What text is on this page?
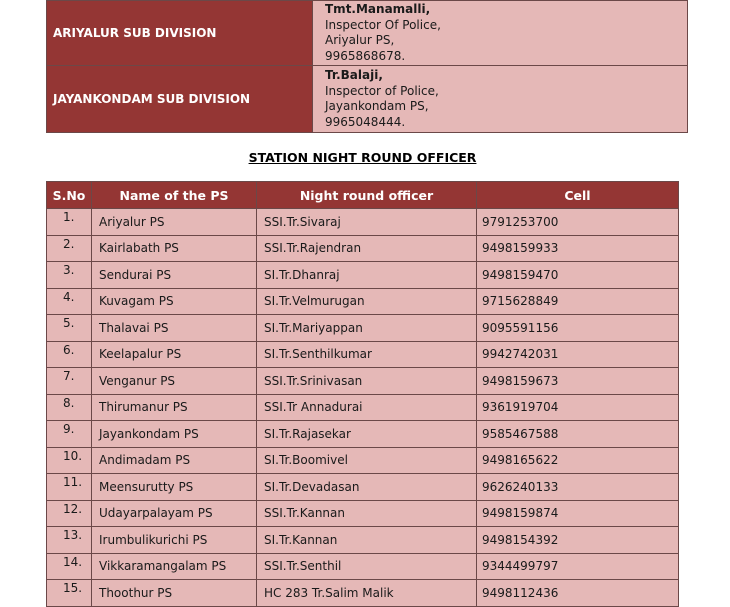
ARIYALUR SUB DIVISION	Tmt.Manamalli,
Inspector Of Police,
Ariyalur PS,
9965868678.

JAYANKONDAM SUB DIVISION	Tr.Balaji,
Inspector of Police,
Jayankondam PS,
9965048444.
STATION NIGHT ROUND OFFICER
S.No	Name of the PS	Night round officer	Cell
1.	Ariyalur PS	SSI.Tr.Sivaraj	9791253700
2.	Kairlabath PS	SSI.Tr.Rajendran	9498159933
3.	Sendurai PS	SI.Tr.Dhanraj	9498159470
4.	Kuvagam PS	SI.Tr.Velmurugan	9715628849
5.	Thalavai PS	SI.Tr.Mariyappan	9095591156
6.	Keelapalur PS	SI.Tr.Senthilkumar	9942742031
7.	Venganur PS	SSI.Tr.Srinivasan	9498159673
8.	Thirumanur PS	SSI.Tr Annadurai	9361919704
9.	Jayankondam PS	SI.Tr.Rajasekar	9585467588
10.	Andimadam PS	SI.Tr.Boomivel	9498165622
11.	Meensurutty PS	SI.Tr.Devadasan	9626240133
12.	Udayarpalayam PS	SSI.Tr.Kannan	9498159874
13.	Irumbulikurichi PS	SI.Tr.Kannan	9498154392
14.	Vikkaramangalam PS	SSI.Tr.Senthil	9344499797
15.	Thoothur PS	HC 283 Tr.Salim Malik	9498112436
